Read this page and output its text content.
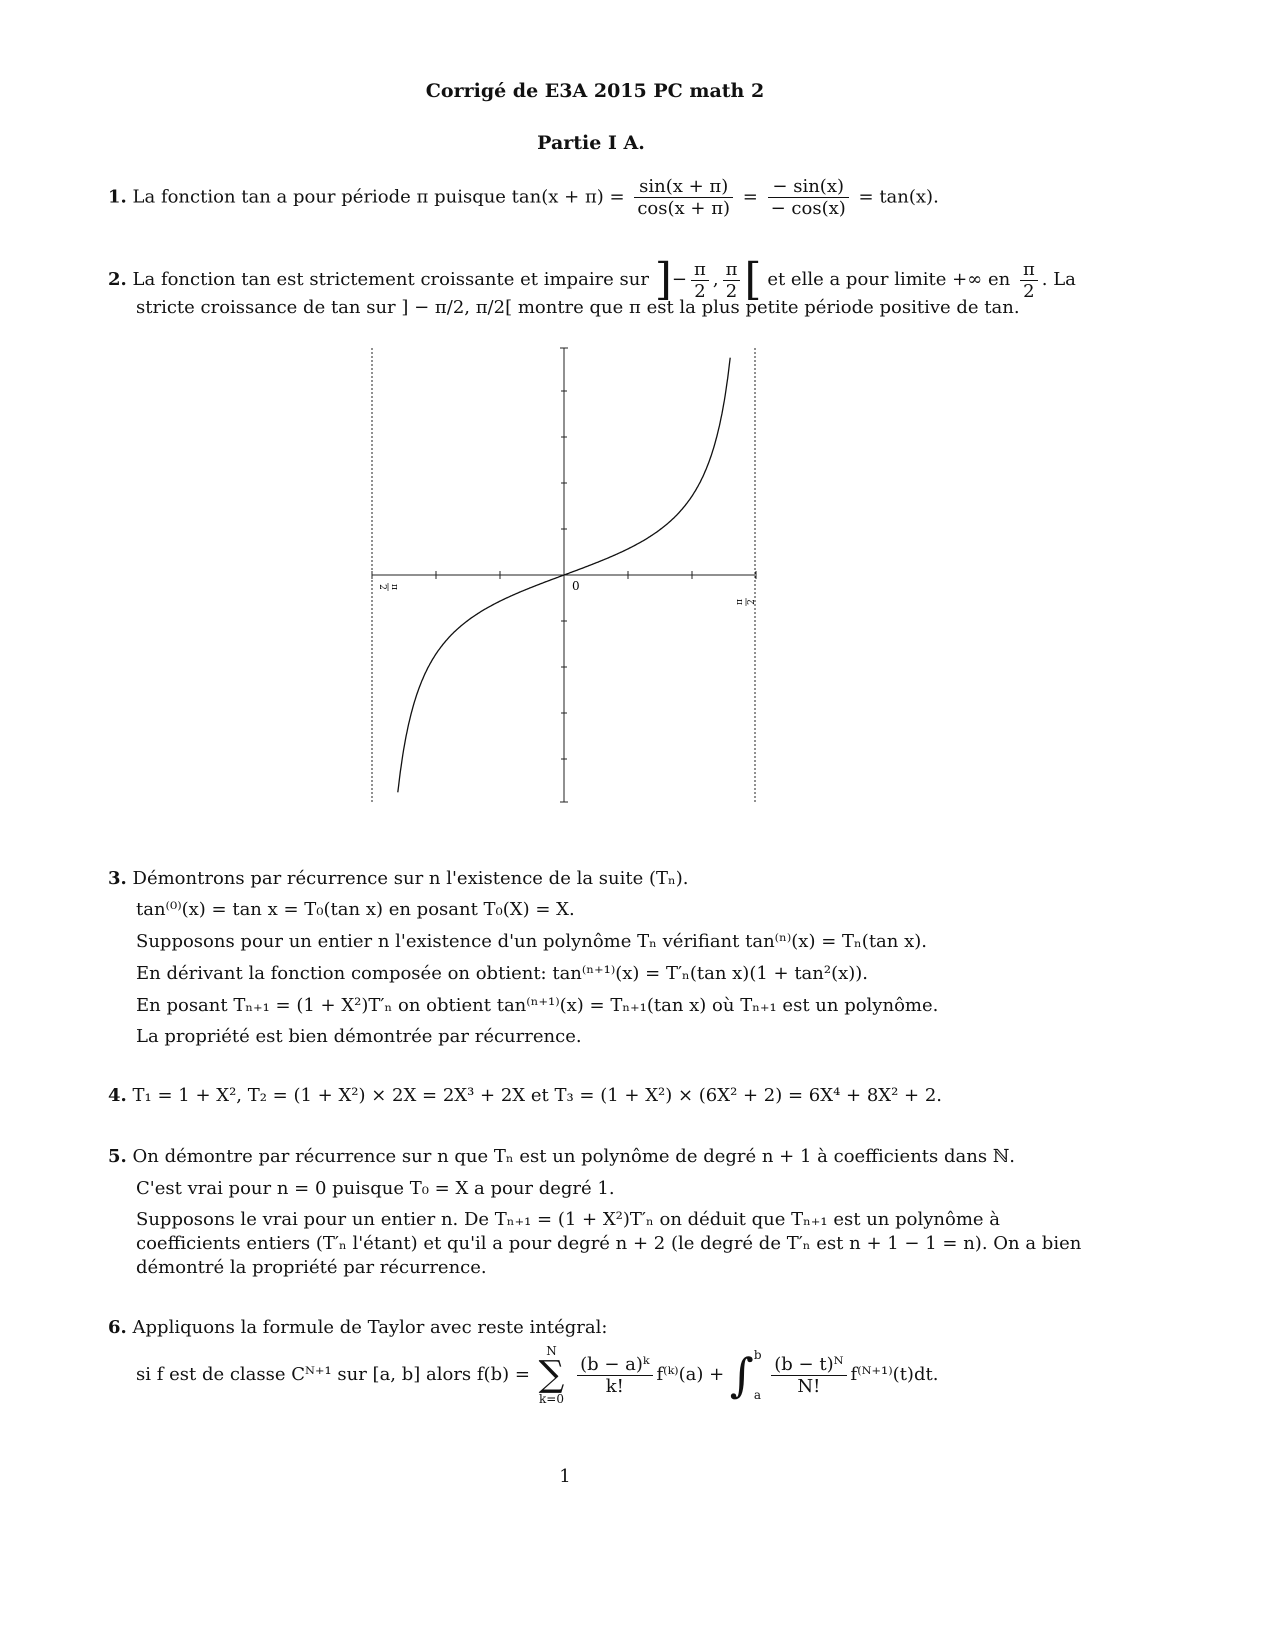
Corrigé de E3A 2015 PC math 2
Partie I A.
1. La fonction tan a pour période π puisque $\tan(x + \pi) = \frac{\sin(x + \pi)}{\cos(x + \pi)} = \frac{- \sin(x)}{- \cos(x)} = \tan(x)$.
2. La fonction tan est strictement croissante et impaire sur ]− $\frac{\pi}{2}$ , $\frac{\pi}{2}$ [ et elle a pour limite +∞ en $\frac{\pi}{2}$ . La
stricte croissance de tan sur ] − π/2, π/2[ montre que π est la plus petite période positive de tan.
0
π
2
π 2
3. Démontrons par récurrence sur n l'existence de la suite (Tₙ).
tan⁽⁰⁾(x) = tan x = T₀(tan x) en posant T₀(X) = X.
Supposons pour un entier n l'existence d'un polynôme Tₙ vérifiant tan⁽ⁿ⁾(x) = Tₙ(tan x).
En dérivant la fonction composée on obtient: tan⁽ⁿ⁺¹⁾(x) = T′ₙ(tan x)(1 + tan²(x)).
En posant Tₙ₊₁ = (1 + X²)T′ₙ on obtient tan⁽ⁿ⁺¹⁾(x) = Tₙ₊₁(tan x) où Tₙ₊₁ est un polynôme.
La propriété est bien démontrée par récurrence.
4. T₁ = 1 + X², T₂ = (1 + X²) × 2X = 2X³ + 2X et T₃ = (1 + X²) × (6X² + 2) = 6X⁴ + 8X² + 2.
5. On démontre par récurrence sur n que Tₙ est un polynôme de degré n + 1 à coefficients dans ℕ.
C'est vrai pour n = 0 puisque T₀ = X a pour degré 1.
Supposons le vrai pour un entier n. De Tₙ₊₁ = (1 + X²)T′ₙ on déduit que Tₙ₊₁ est un polynôme à
coefficients entiers (T′ₙ l'étant) et qu'il a pour degré n + 2 (le degré de T′ₙ est n + 1 − 1 = n). On a bien
démontré la propriété par récurrence.
6. Appliquons la formule de Taylor avec reste intégral:
si f est de classe Cᴺ⁺¹ sur [a, b] alors f(b) =
N
∑
k=0

$\frac{\text{(b − a)ᵏ}}{k!}$ f⁽ᵏ⁾(a) + ∫ b
a
$\frac{\text{(b − t)ᴺ}}{N!}$ f⁽ᴺ⁺¹⁾(t)dt.
1
